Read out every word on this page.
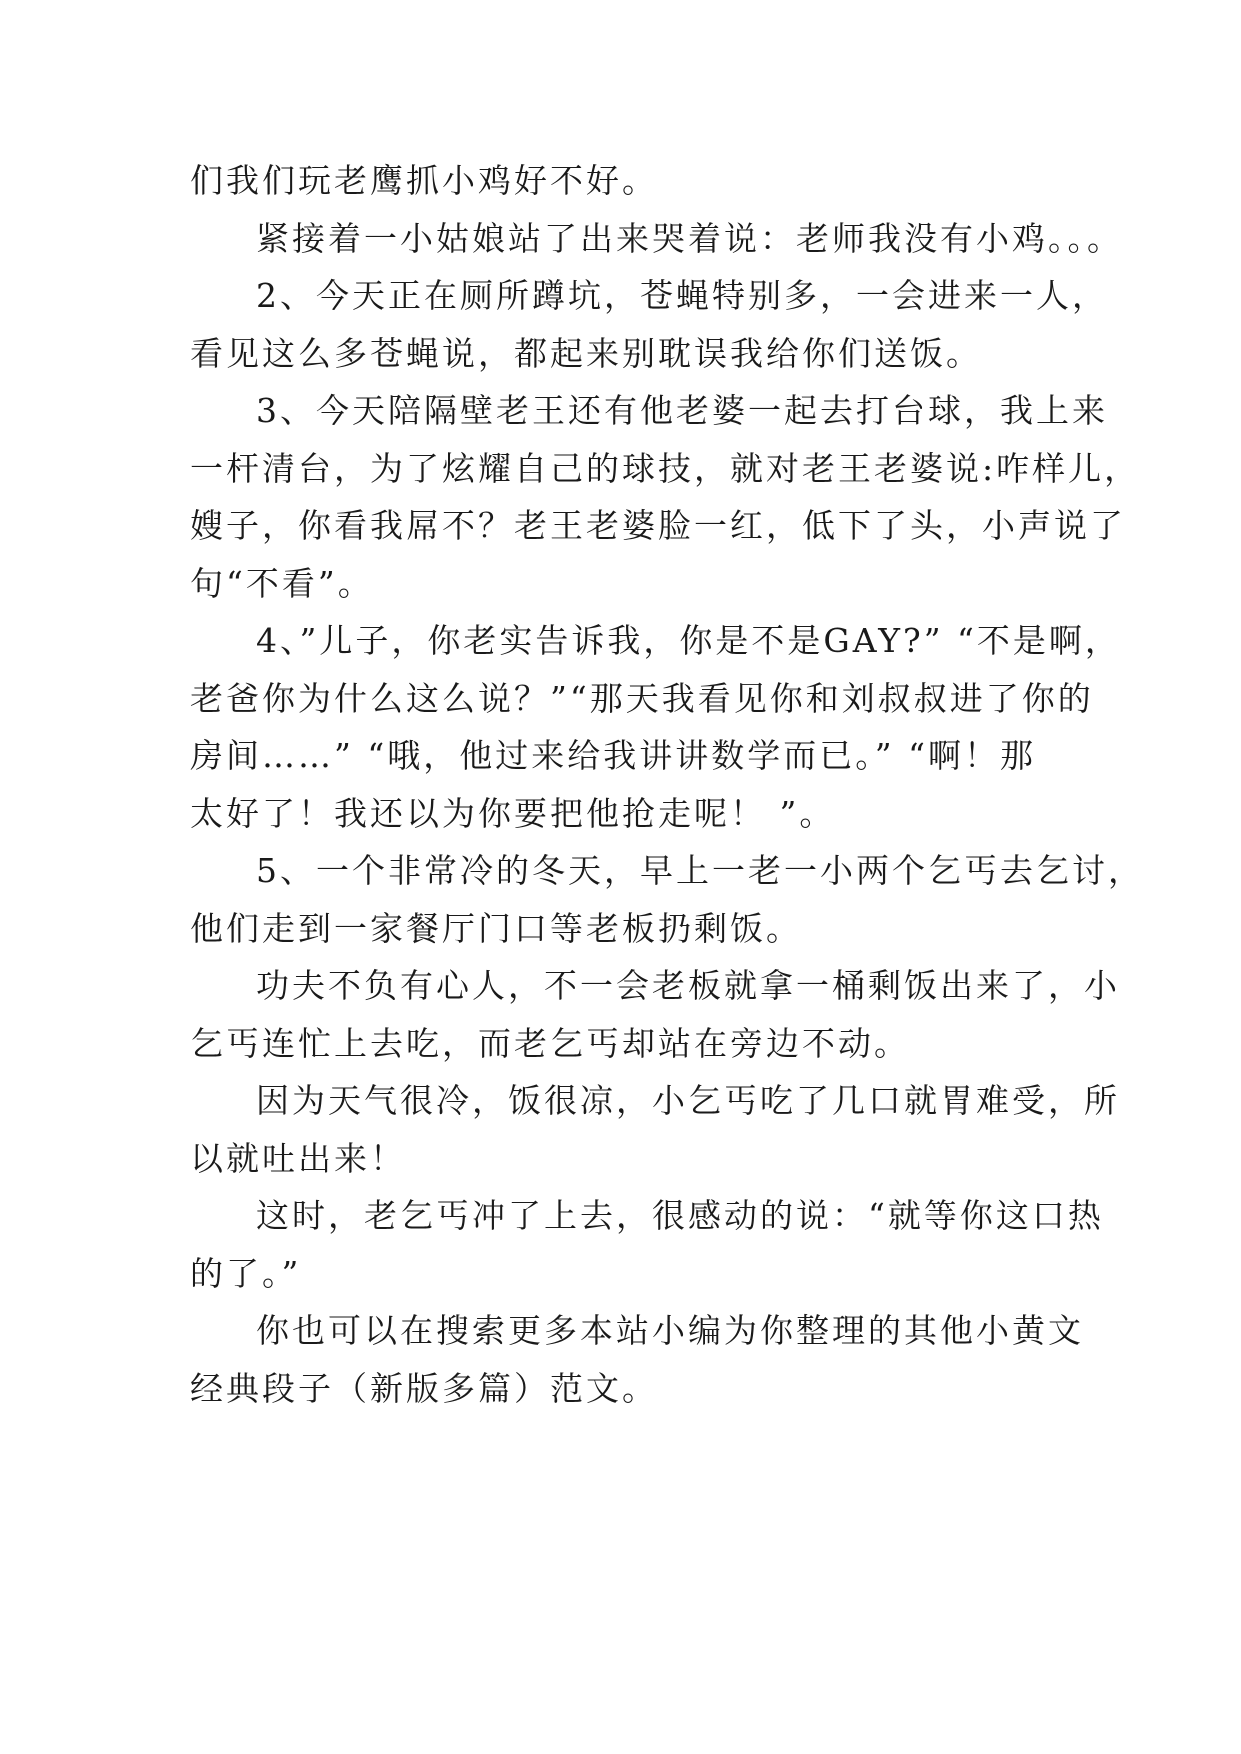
们我们玩老鹰抓小鸡好不好。
紧接着一小姑娘站了出来哭着说：老师我没有小鸡。。。
2、今天正在厕所蹲坑，苍蝇特别多，一会进来一人，
看见这么多苍蝇说，都起来别耽误我给你们送饭。
3、今天陪隔壁老王还有他老婆一起去打台球，我上来
一杆清台，为了炫耀自己的球技，就对老王老婆说:咋样儿，
嫂子，你看我屌不？老王老婆脸一红，低下了头，小声说了
句“不看”。
4、”儿子，你老实告诉我，你是不是GAY?” “不是啊，
老爸你为什么这么说？”“那天我看见你和刘叔叔进了你的
房间……” “哦，他过来给我讲讲数学而已。” “啊！那
太好了！我还以为你要把他抢走呢！ ”。
5、一个非常冷的冬天，早上一老一小两个乞丐去乞讨，
他们走到一家餐厅门口等老板扔剩饭。
功夫不负有心人，不一会老板就拿一桶剩饭出来了，小
乞丐连忙上去吃，而老乞丐却站在旁边不动。
因为天气很冷，饭很凉，小乞丐吃了几口就胃难受，所
以就吐出来！
这时，老乞丐冲了上去，很感动的说：“就等你这口热
的了。”
你也可以在搜索更多本站小编为你整理的其他小黄文
经典段子（新版多篇）范文。
